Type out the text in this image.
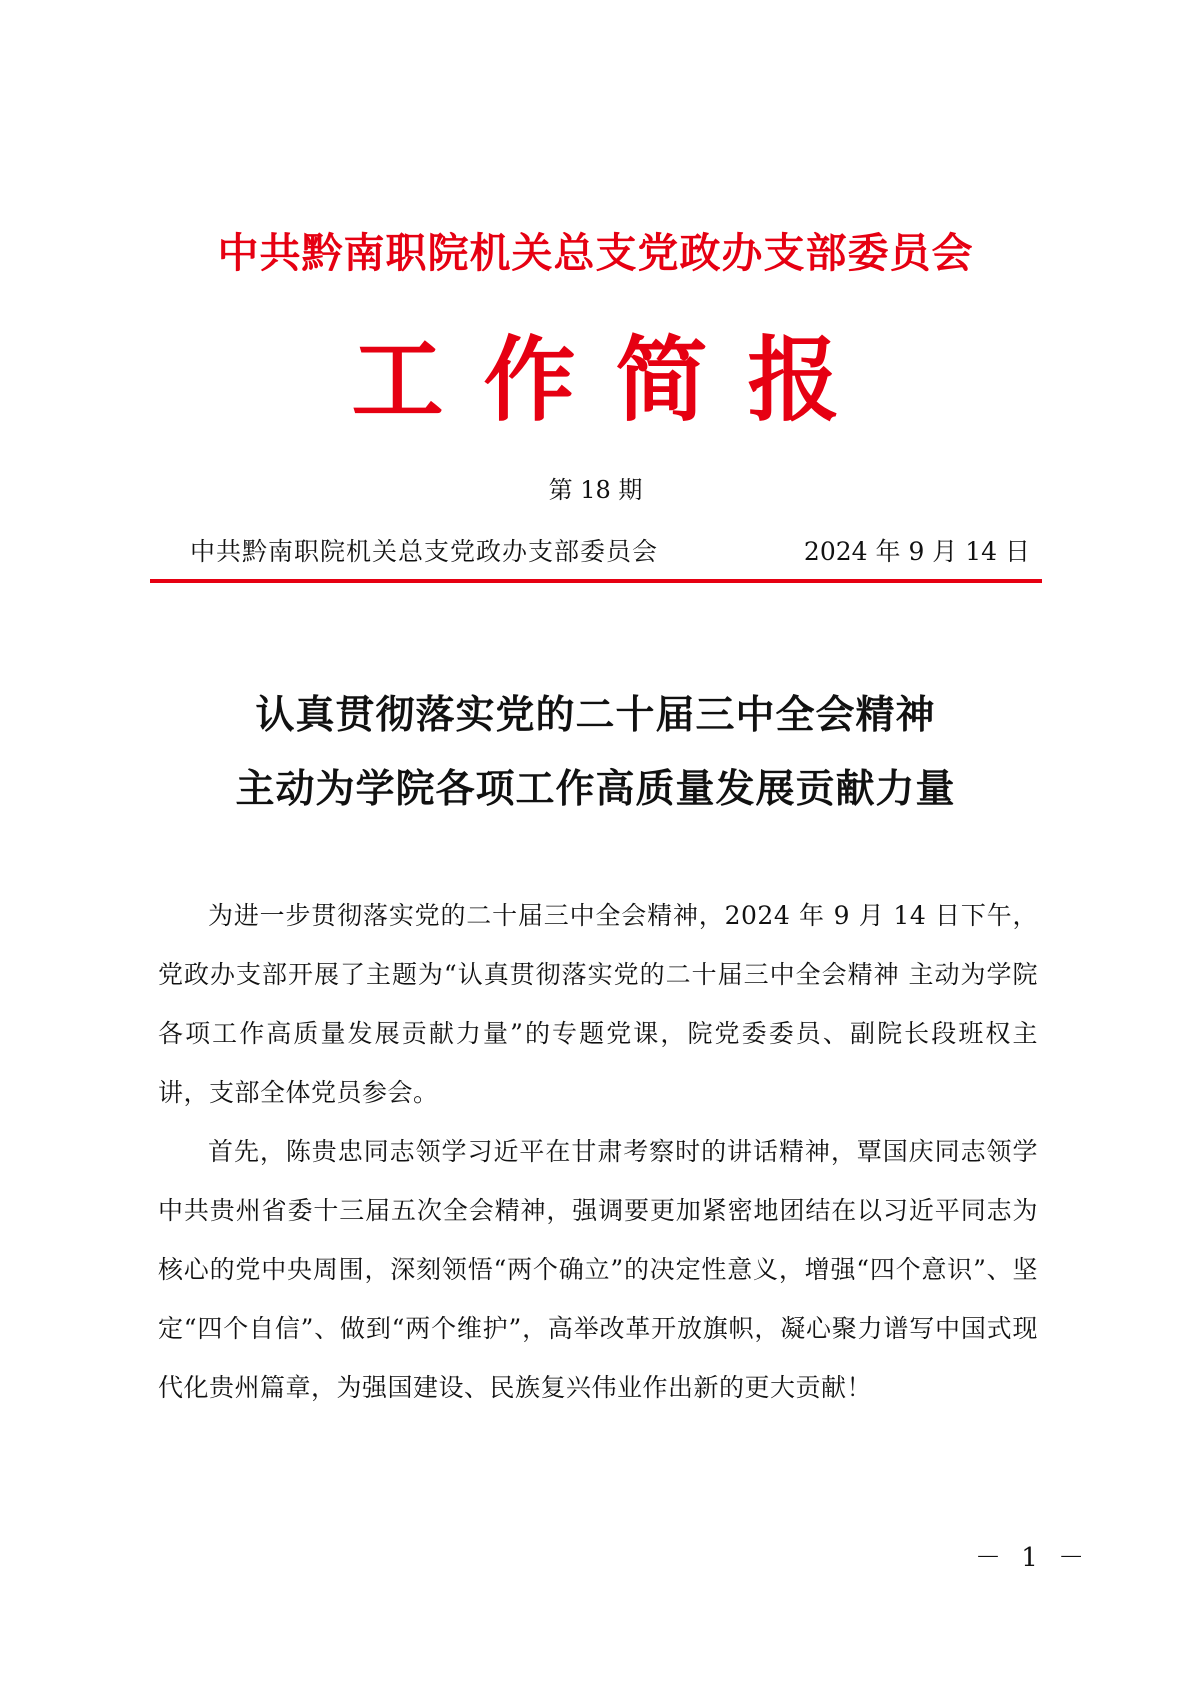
中共黔南职院机关总支党政办支部委员会
工作简报
第 18 期
中共黔南职院机关总支党政办支部委员会	2024 年 9 月 14 日
认真贯彻落实党的二十届三中全会精神
主动为学院各项工作高质量发展贡献力量

为进一步贯彻落实党的二十届三中全会精神，2024 年 9 月 14 日下午，党政办支部开展了主题为“认真贯彻落实党的二十届三中全会精神 主动为学院各项工作高质量发展贡献力量”的专题党课，院党委委员、副院长段班权主讲，支部全体党员参会。

首先，陈贵忠同志领学习近平在甘肃考察时的讲话精神，覃国庆同志领学中共贵州省委十三届五次全会精神，强调要更加紧密地团结在以习近平同志为核心的党中央周围，深刻领悟“两个确立”的决定性意义，增强“四个意识”、坚定“四个自信”、做到“两个维护”，高举改革开放旗帜，凝心聚力谱写中国式现代化贵州篇章，为强国建设、民族复兴伟业作出新的更大贡献！

－ 1 －
